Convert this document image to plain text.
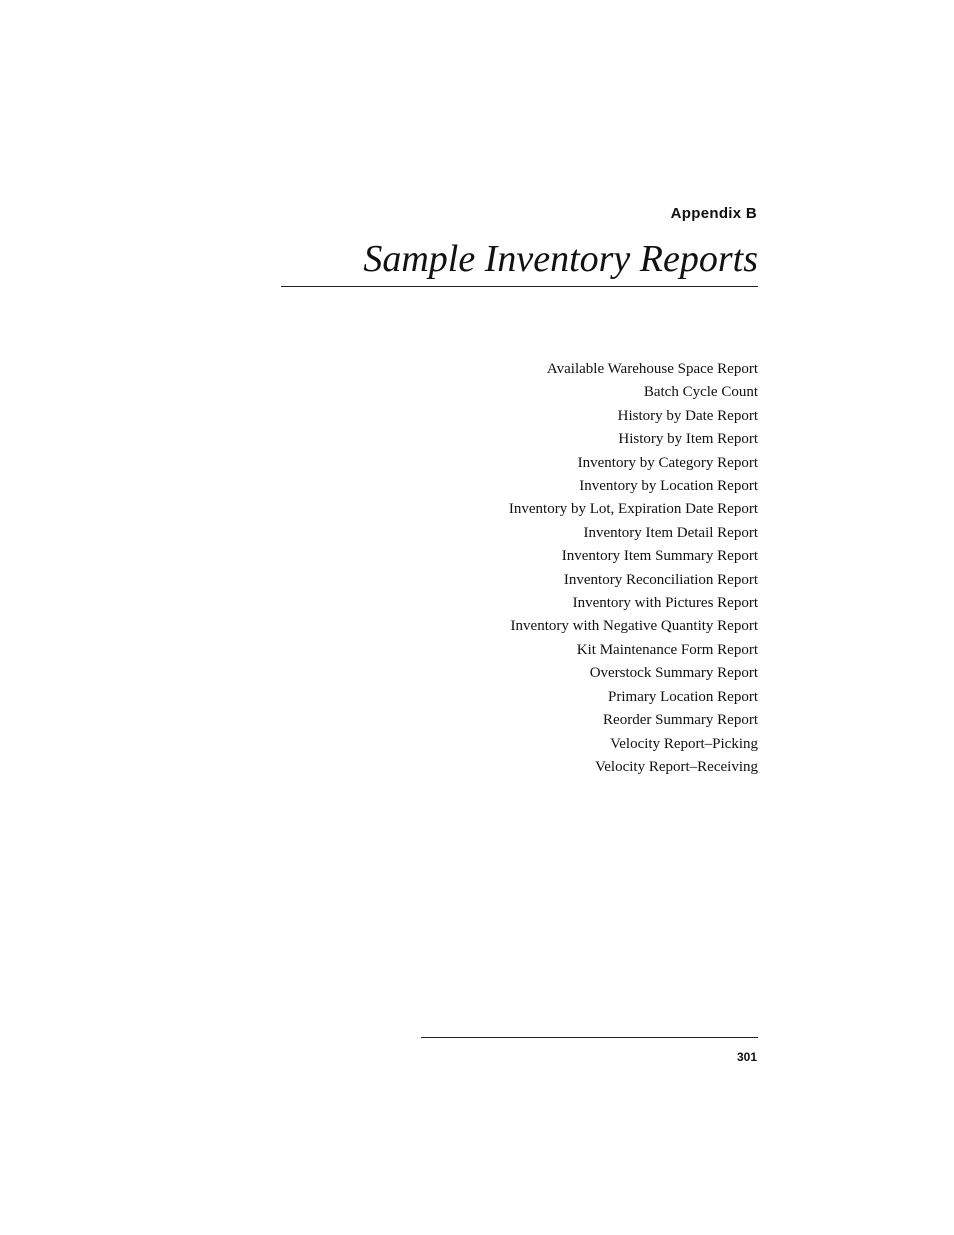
Appendix B
Sample Inventory Reports
Available Warehouse Space Report
Batch Cycle Count
History by Date Report
History by Item Report
Inventory by Category Report
Inventory by Location Report
Inventory by Lot, Expiration Date Report
Inventory Item Detail Report
Inventory Item Summary Report
Inventory Reconciliation Report
Inventory with Pictures Report
Inventory with Negative Quantity Report
Kit Maintenance Form Report
Overstock Summary Report
Primary Location Report
Reorder Summary Report
Velocity Report–Picking
Velocity Report–Receiving
301
